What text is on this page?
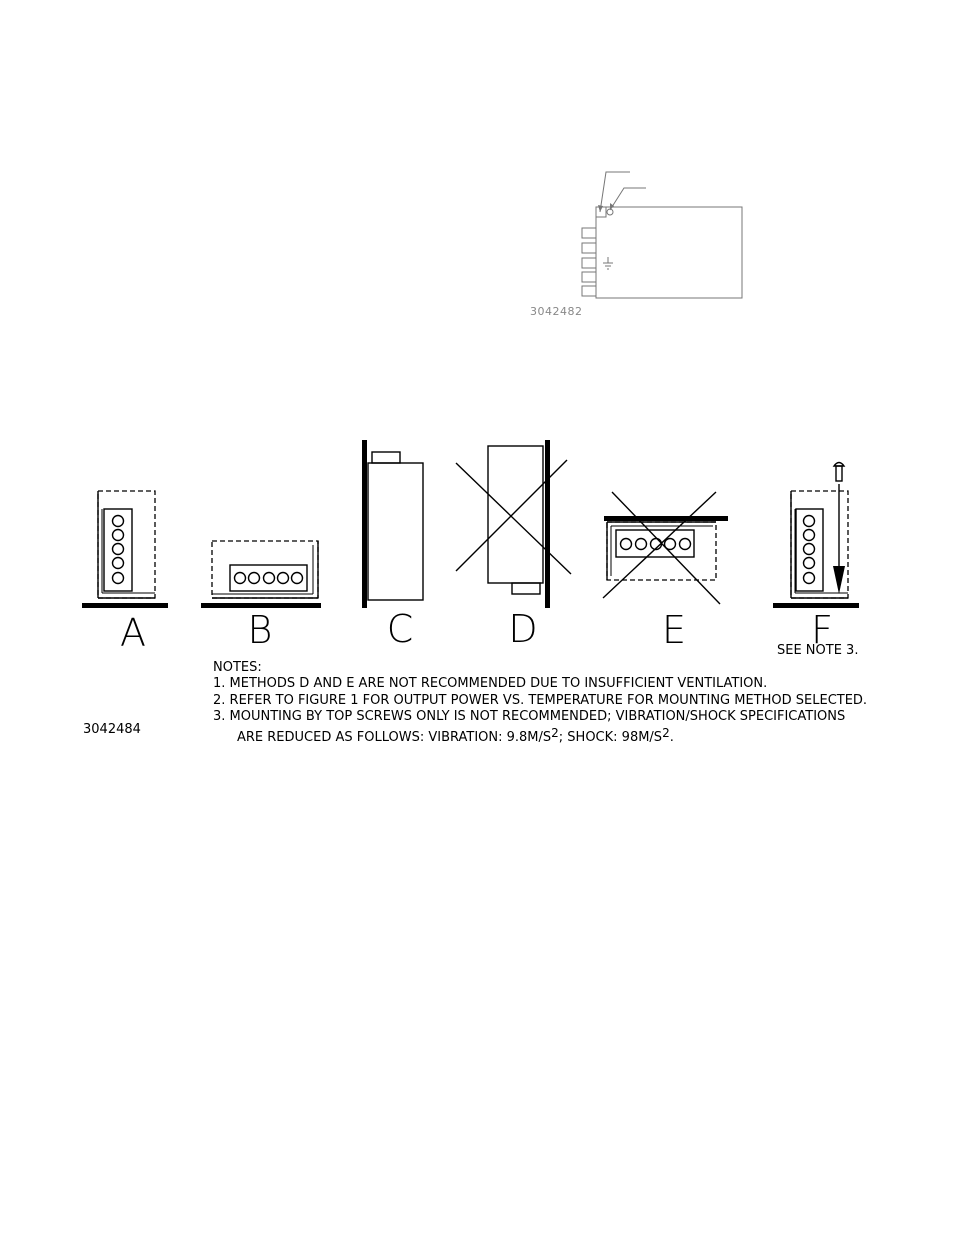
3042482
A	B	C	D	E	F
SEE NOTE 3.
NOTES:
1. METHODS D AND E ARE NOT RECOMMENDED DUE TO INSUFFICIENT VENTILATION.
2. REFER TO FIGURE 1 FOR OUTPUT POWER VS. TEMPERATURE FOR MOUNTING METHOD SELECTED.
3. MOUNTING BY TOP SCREWS ONLY IS NOT RECOMMENDED; VIBRATION/SHOCK SPECIFICATIONS
ARE REDUCED AS FOLLOWS: VIBRATION: $9.8M/S^2$; SHOCK: $98M/S^2$.
3042484
